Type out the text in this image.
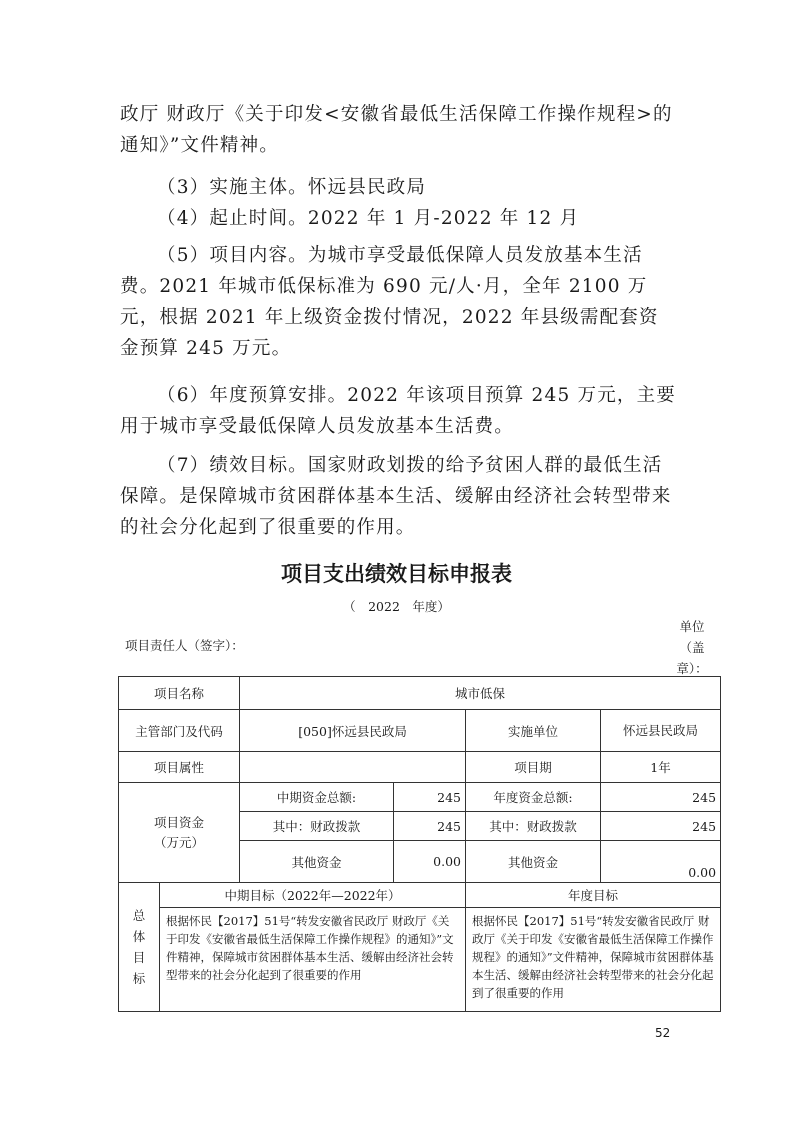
政厅 财政厅《关于印发<安徽省最低生活保障工作操作规程>的通知》”文件精神。

（3）实施主体。怀远县民政局

（4）起止时间。2022 年 1 月-2022 年 12 月

（5）项目内容。为城市享受最低保障人员发放基本生活费。2021 年城市低保标准为 690 元/人·月，全年 2100 万元，根据 2021 年上级资金拨付情况，2022 年县级需配套资金预算 245 万元。

（6）年度预算安排。2022 年该项目预算 245 万元，主要用于城市享受最低保障人员发放基本生活费。

（7）绩效目标。国家财政划拨的给予贫困人群的最低生活保障。是保障城市贫困群体基本生活、缓解由经济社会转型带来的社会分化起到了很重要的作用。

项目支出绩效目标申报表
（　2022　年度）
项目责任人（签字）：
单位（盖章）：
项目名称		城市低保			
主管部门及代码		[050]怀远县民政局		实施单位	怀远县民政局
项目属性				项目期	1年
项目资金（万元）		中期资金总额:	245	年度资金总额:	245
		其中：财政拨款	245	其中：财政拨款	245
		其他资金	0.00	其他资金	0.00
总体目标	中期目标（2022年—2022年）			年度目标	
	根据怀民【2017】51号“转发安徽省民政厅 财政厅《关于印发《安徽省最低生活保障工作操作规程》的通知》”文件精神，保障城市贫困群体基本生活、缓解由经济社会转型带来的社会分化起到了很重要的作用			根据怀民【2017】51号“转发安徽省民政厅 财政厅《关于印发《安徽省最低生活保障工作操作规程》的通知》”文件精神，保障城市贫困群体基本生活、缓解由经济社会转型带来的社会分化起到了很重要的作用	
52
